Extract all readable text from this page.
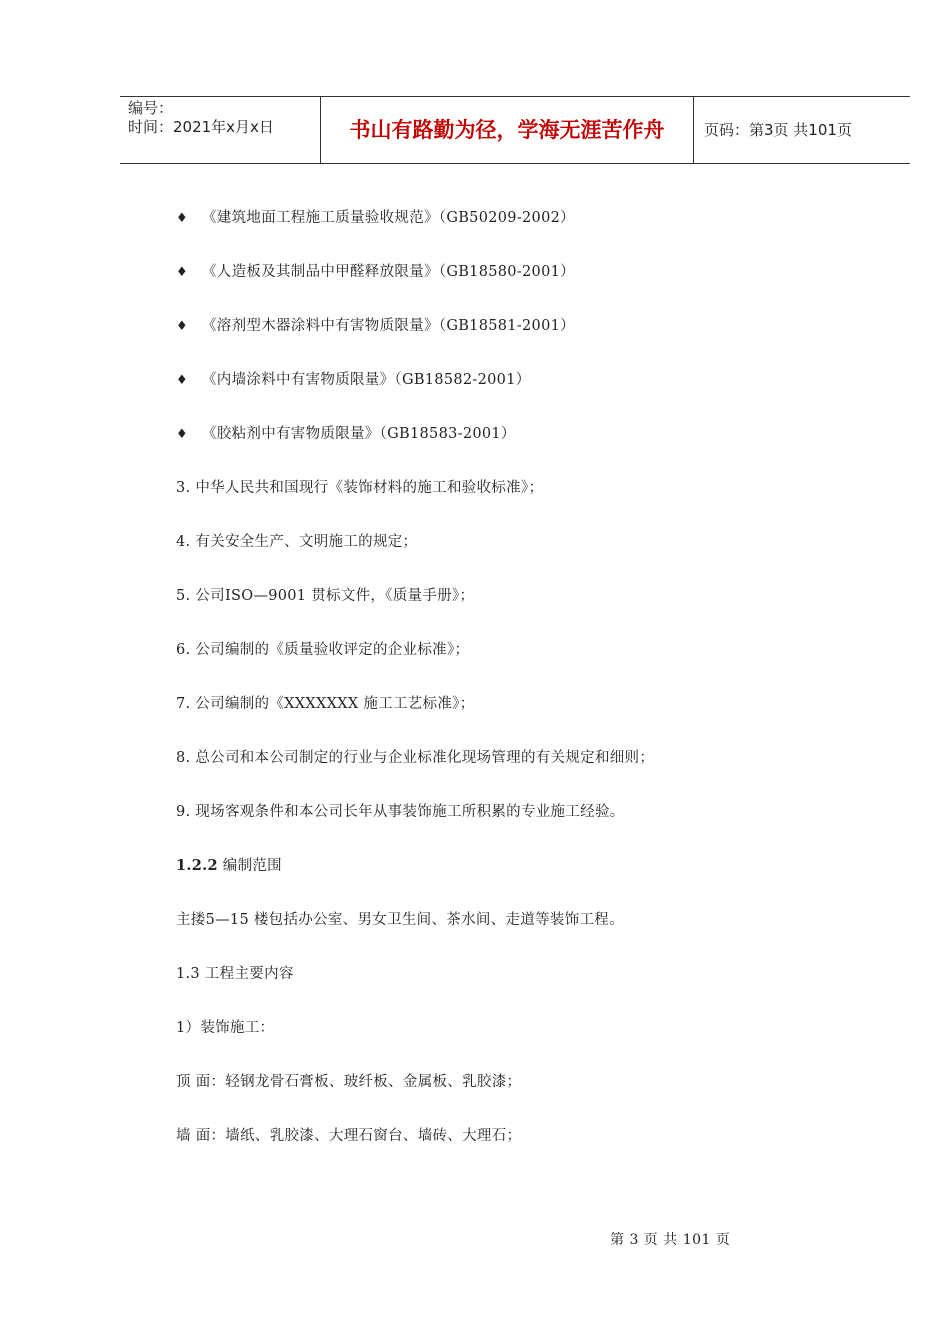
编号：
时间：2021年x月x日	书山有路勤为径，学海无涯苦作舟	页码：第3页 共101页
♦ 《建筑地面工程施工质量验收规范》（GB50209-2002）
♦ 《人造板及其制品中甲醛释放限量》（GB18580-2001）
♦ 《溶剂型木器涂料中有害物质限量》（GB18581-2001）
♦ 《内墙涂料中有害物质限量》（GB18582-2001）
♦ 《胶粘剂中有害物质限量》（GB18583-2001）
3. 中华人民共和国现行《装饰材料的施工和验收标准》；
4. 有关安全生产、文明施工的规定；
5. 公司ISO—9001 贯标文件，《质量手册》；
6. 公司编制的《质量验收评定的企业标准》；
7. 公司编制的《XXXXXXX 施工工艺标准》；
8. 总公司和本公司制定的行业与企业标准化现场管理的有关规定和细则；
9. 现场客观条件和本公司长年从事装饰施工所积累的专业施工经验。
1.2.2 编制范围
主搂5—15 楼包括办公室、男女卫生间、茶水间、走道等装饰工程。
1.3 工程主要内容
1）装饰施工：
顶 面：轻钢龙骨石膏板、玻纤板、金属板、乳胶漆；
墙 面：墙纸、乳胶漆、大理石窗台、墙砖、大理石；
第 3 页 共 101 页
